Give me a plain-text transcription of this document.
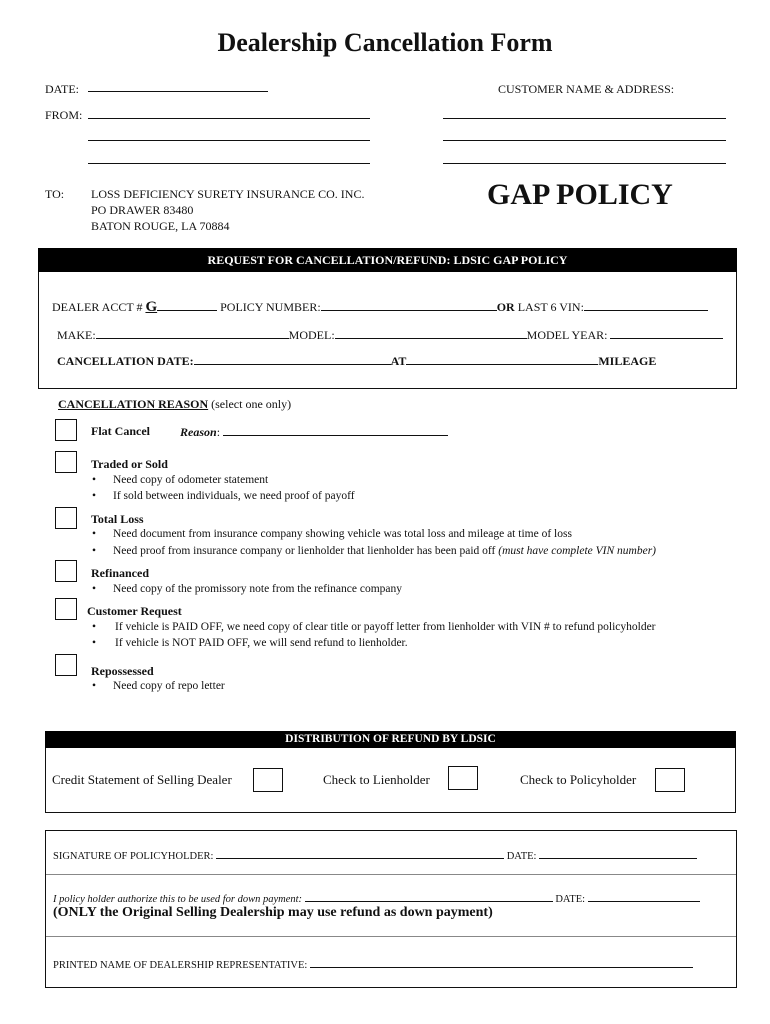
Dealership Cancellation Form
DATE:	CUSTOMER NAME & ADDRESS:
FROM:
TO: LOSS DEFICIENCY SURETY INSURANCE CO. INC.
PO DRAWER 83480
BATON ROUGE, LA 70884
GAP POLICY
REQUEST FOR CANCELLATION/REFUND: LDSIC GAP POLICY
DEALER ACCT # G	POLICY NUMBER:	OR LAST 6 VIN:
MAKE:	MODEL:	MODEL YEAR:
CANCELLATION DATE:	AT	MILEAGE
CANCELLATION REASON (select one only)
Flat Cancel	Reason:
Traded or Sold
• Need copy of odometer statement
• If sold between individuals, we need proof of payoff
Total Loss
• Need document from insurance company showing vehicle was total loss and mileage at time of loss
• Need proof from insurance company or lienholder that lienholder has been paid off (must have complete VIN number)
Refinanced
• Need copy of the promissory note from the refinance company
Customer Request
• If vehicle is PAID OFF, we need copy of clear title or payoff letter from lienholder with VIN # to refund policyholder
• If vehicle is NOT PAID OFF, we will send refund to lienholder.
Repossessed
• Need copy of repo letter
DISTRIBUTION OF REFUND BY LDSIC
Credit Statement of Selling Dealer	Check to Lienholder	Check to Policyholder
SIGNATURE OF POLICYHOLDER:	DATE:
I policy holder authorize this to be used for down payment:	DATE:
(ONLY the Original Selling Dealership may use refund as down payment)
PRINTED NAME OF DEALERSHIP REPRESENTATIVE:
